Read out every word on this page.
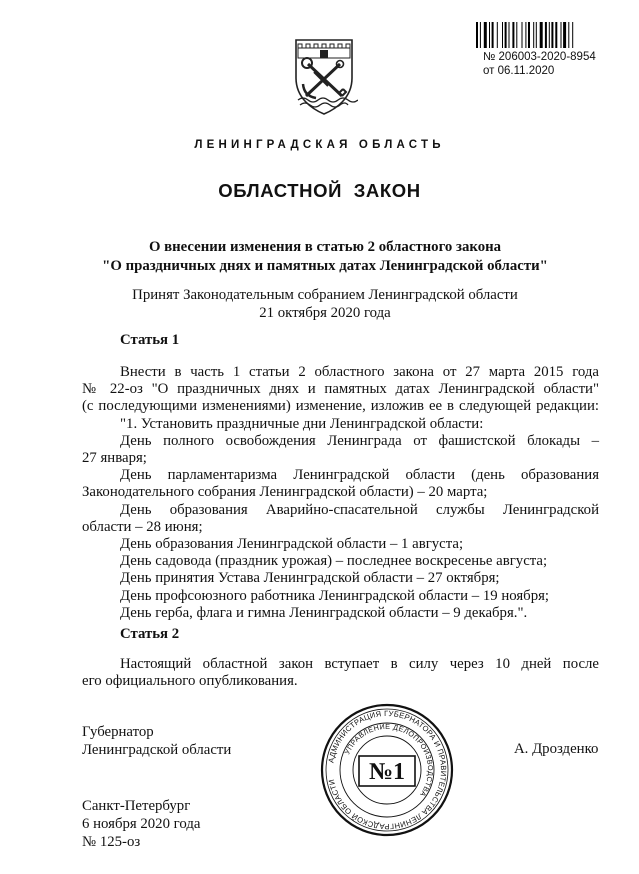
№ 206003-2020-8954
от 06.11.2020
ЛЕНИНГРАДСКАЯ ОБЛАСТЬ
ОБЛАСТНОЙ ЗАКОН
О внесении изменения в статью 2 областного закона
"О праздничных днях и памятных датах Ленинградской области"
Принят Законодательным собранием Ленинградской области
21 октября 2020 года
Статья 1

Внести в часть 1 статьи 2 областного закона от 27 марта 2015 года

№ 22-оз "О праздничных днях и памятных датах Ленинградской области"

(с последующими изменениями) изменение, изложив ее в следующей редакции:

"1. Установить праздничные дни Ленинградской области:

День полного освобождения Ленинграда от фашистской блокады –

27 января;

День парламентаризма Ленинградской области (день образования

Законодательного собрания Ленинградской области) – 20 марта;

День образования Аварийно-спасательной службы Ленинградской

области – 28 июня;

День образования Ленинградской области – 1 августа;

День садовода (праздник урожая) – последнее воскресенье августа;

День принятия Устава Ленинградской области – 27 октября;

День профсоюзного работника Ленинградской области – 19 ноября;

День герба, флага и гимна Ленинградской области – 9 декабря.".

Статья 2

Настоящий областной закон вступает в силу через 10 дней после

его официального опубликования.

Губернатор
Ленинградской области	А. Дрозденко
АДМИНИСТРАЦИЯ ГУБЕРНАТОРА И ПРАВИТЕЛЬСТВА ЛЕНИНГРАДСКОЙ ОБЛАСТИ
УПРАВЛЕНИЕ ДЕЛОПРОИЗВОДСТВА
№1
Санкт-Петербург
6 ноября 2020 года
№ 125-оз
